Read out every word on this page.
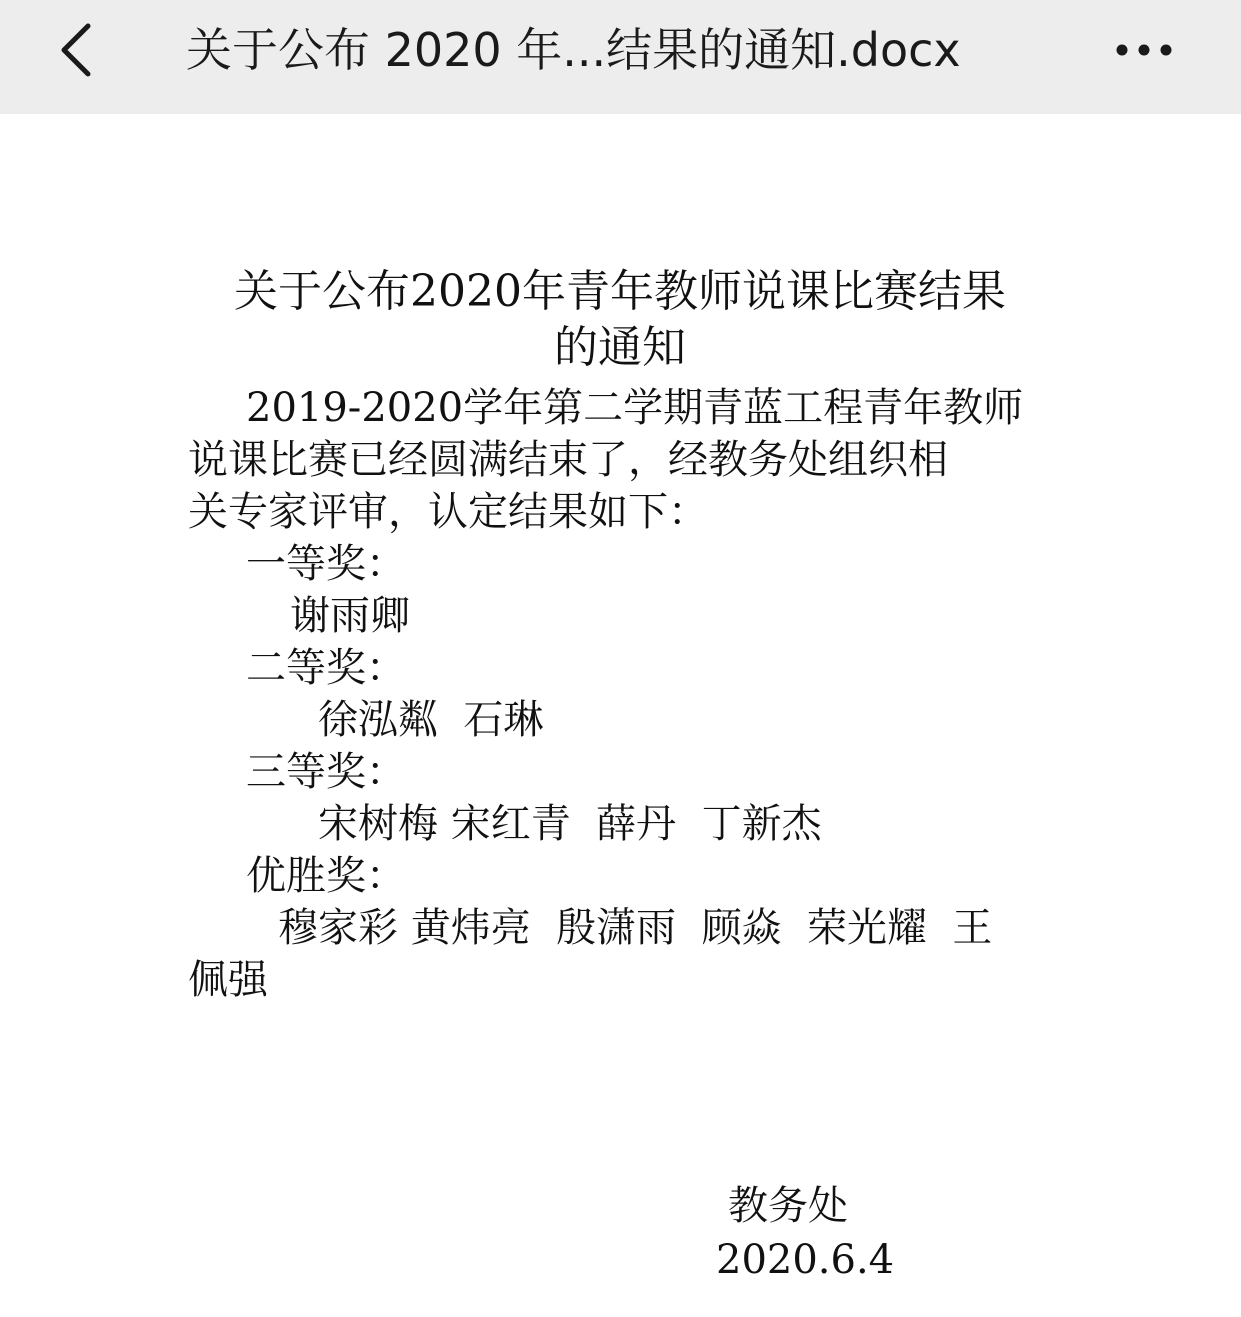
关于公布 2020 年...结果的通知.docx
关于公布2020年青年教师说课比赛结果
的通知
2019-2020学年第二学期青蓝工程青年教师
说课比赛已经圆满结束了，经教务处组织相
关专家评审，认定结果如下：
一等奖：
谢雨卿
二等奖：
徐泓粼  石琳
三等奖：
宋树梅 宋红青  薛丹  丁新杰
优胜奖：
穆家彩 黄炜亮  殷潇雨  顾焱  荣光耀  王
佩强
教务处
2020.6.4
